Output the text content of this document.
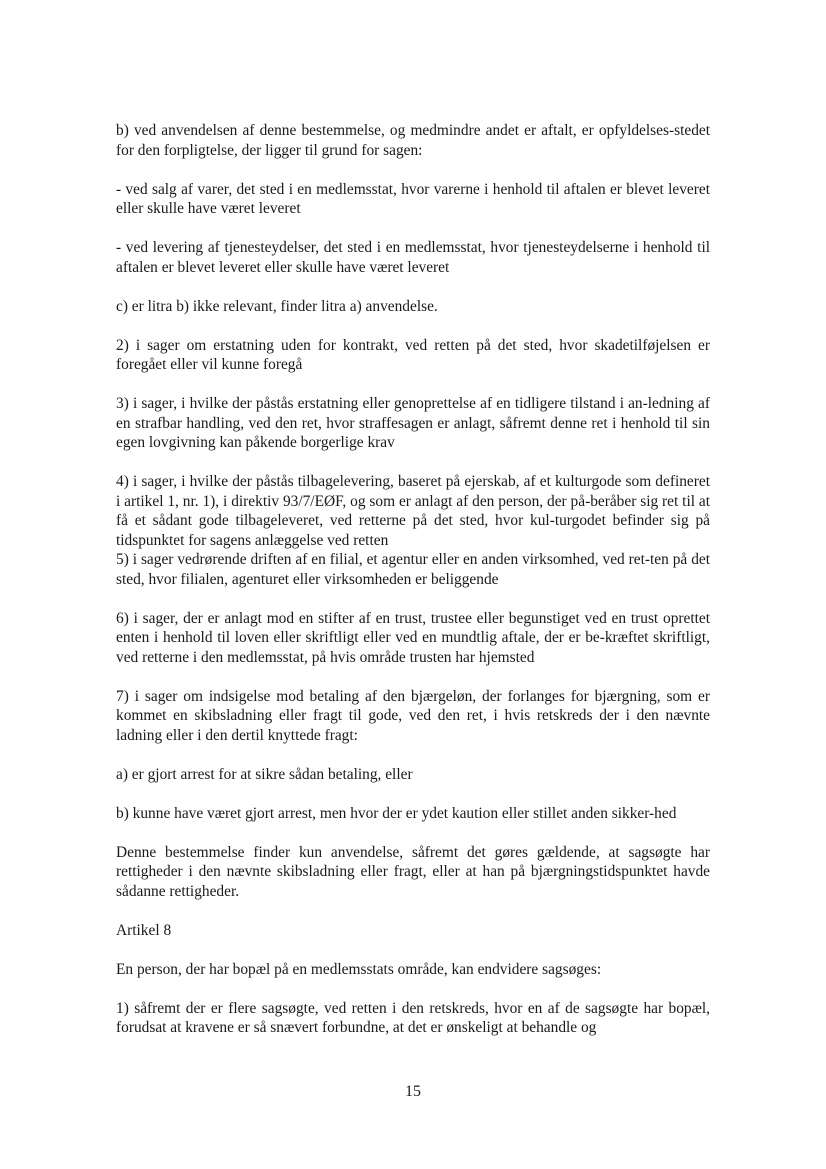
b) ved anvendelsen af denne bestemmelse, og medmindre andet er aftalt, er opfyldelses-stedet for den forpligtelse, der ligger til grund for sagen:

- ved salg af varer, det sted i en medlemsstat, hvor varerne i henhold til aftalen er blevet leveret eller skulle have været leveret

- ved levering af tjenesteydelser, det sted i en medlemsstat, hvor tjenesteydelserne i henhold til aftalen er blevet leveret eller skulle have været leveret

c) er litra b) ikke relevant, finder litra a) anvendelse.

2) i sager om erstatning uden for kontrakt, ved retten på det sted, hvor skadetilføjelsen er foregået eller vil kunne foregå

3) i sager, i hvilke der påstås erstatning eller genoprettelse af en tidligere tilstand i an-ledning af en strafbar handling, ved den ret, hvor straffesagen er anlagt, såfremt denne ret i henhold til sin egen lovgivning kan påkende borgerlige krav

4) i sager, i hvilke der påstås tilbagelevering, baseret på ejerskab, af et kulturgode som defineret i artikel 1, nr. 1), i direktiv 93/7/EØF, og som er anlagt af den person, der på-beråber sig ret til at få et sådant gode tilbageleveret, ved retterne på det sted, hvor kul-turgodet befinder sig på tidspunktet for sagens anlæggelse ved retten

5) i sager vedrørende driften af en filial, et agentur eller en anden virksomhed, ved ret-ten på det sted, hvor filialen, agenturet eller virksomheden er beliggende

6) i sager, der er anlagt mod en stifter af en trust, trustee eller begunstiget ved en trust oprettet enten i henhold til loven eller skriftligt eller ved en mundtlig aftale, der er be-kræftet skriftligt, ved retterne i den medlemsstat, på hvis område trusten har hjemsted

7) i sager om indsigelse mod betaling af den bjærgeløn, der forlanges for bjærgning, som er kommet en skibsladning eller fragt til gode, ved den ret, i hvis retskreds der i den nævnte ladning eller i den dertil knyttede fragt:

a) er gjort arrest for at sikre sådan betaling, eller

b) kunne have været gjort arrest, men hvor der er ydet kaution eller stillet anden sikker-hed

Denne bestemmelse finder kun anvendelse, såfremt det gøres gældende, at sagsøgte har rettigheder i den nævnte skibsladning eller fragt, eller at han på bjærgningstidspunktet havde sådanne rettigheder.

Artikel 8

En person, der har bopæl på en medlemsstats område, kan endvidere sagsøges:

1) såfremt der er flere sagsøgte, ved retten i den retskreds, hvor en af de sagsøgte har bopæl, forudsat at kravene er så snævert forbundne, at det er ønskeligt at behandle og

15
